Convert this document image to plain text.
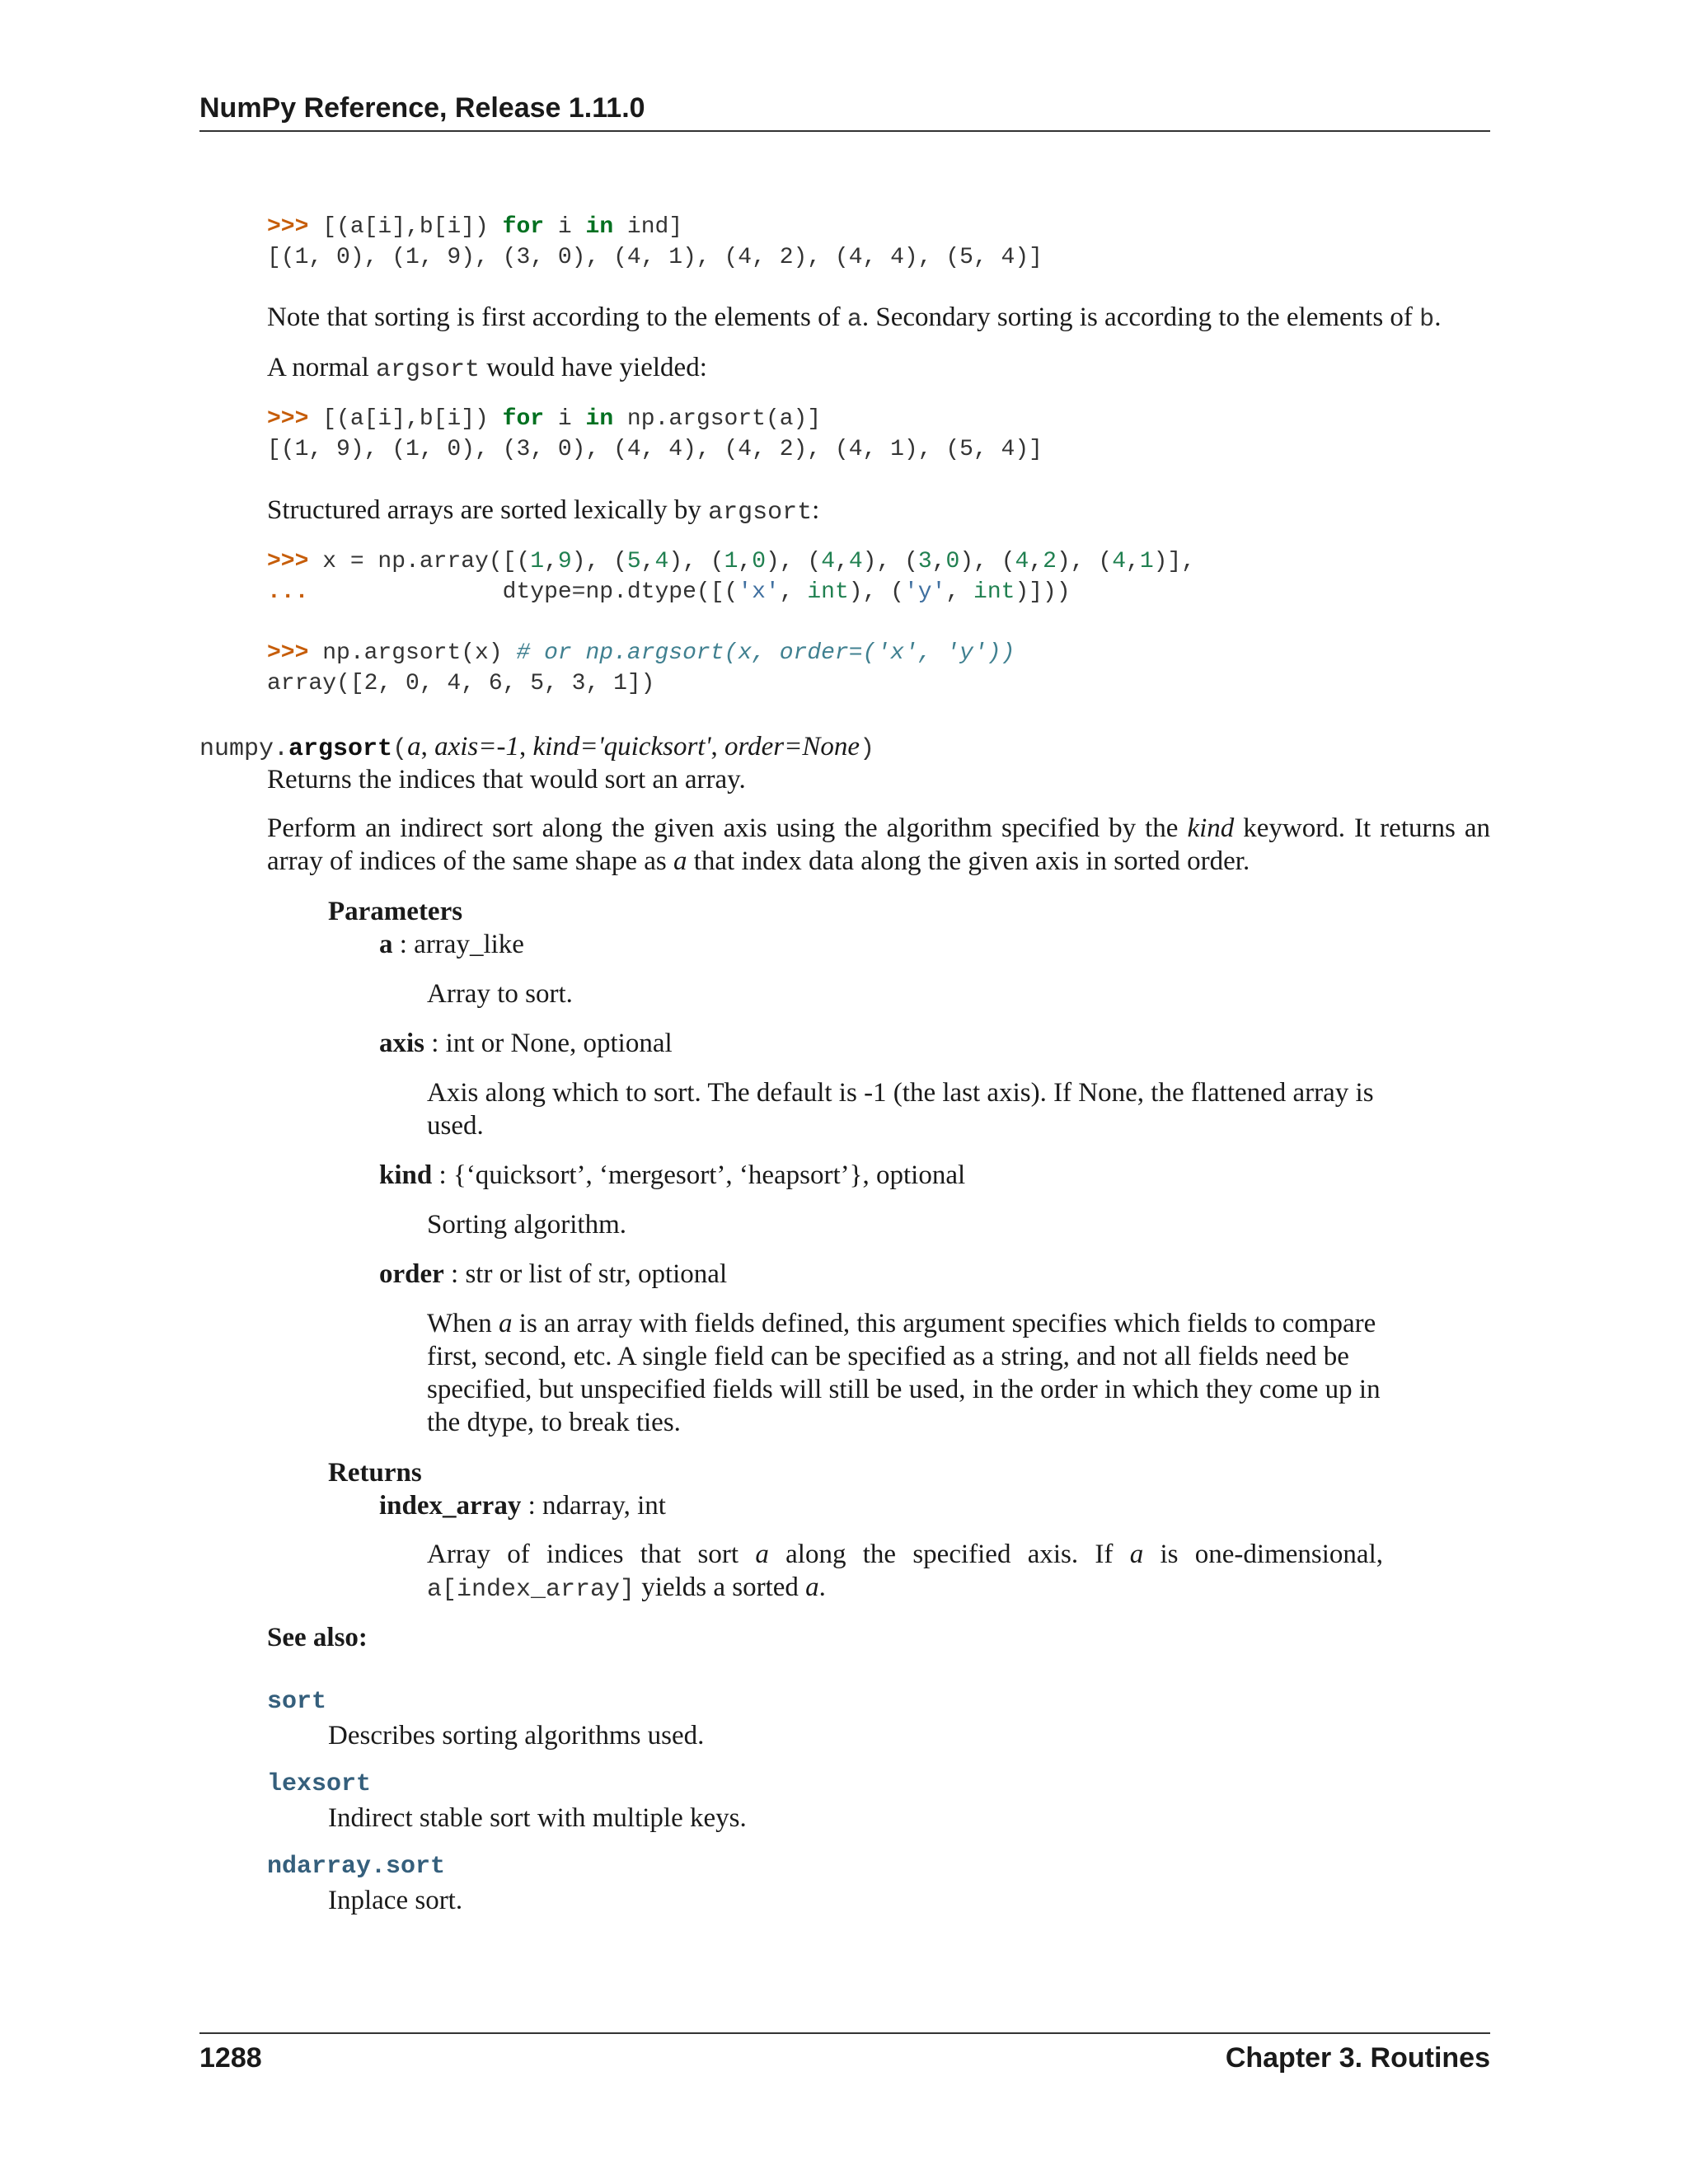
NumPy Reference, Release 1.11.0
>>> [(a[i],b[i]) for i in ind]
[(1, 0), (1, 9), (3, 0), (4, 1), (4, 2), (4, 4), (5, 4)]

Note that sorting is first according to the elements of a. Secondary sorting is according to the elements of b.

A normal argsort would have yielded:

>>> [(a[i],b[i]) for i in np.argsort(a)]
[(1, 9), (1, 0), (3, 0), (4, 4), (4, 2), (4, 1), (5, 4)]

Structured arrays are sorted lexically by argsort:

>>> x = np.array([(1,9), (5,4), (1,0), (4,4), (3,0), (4,2), (4,1)],
...              dtype=np.dtype([('x', int), ('y', int)]))

>>> np.argsort(x) # or np.argsort(x, order=('x', 'y'))
array([2, 0, 4, 6, 5, 3, 1])
numpy.argsort(a, axis=-1, kind='quicksort', order=None)

Returns the indices that would sort an array.

Perform an indirect sort along the given axis using the algorithm specified by the kind keyword. It returns an array of indices of the same shape as a that index data along the given axis in sorted order.

Parameters
a : array_like
Array to sort.
axis : int or None, optional
Axis along which to sort. The default is -1 (the last axis). If None, the flattened array is used.
kind : {‘quicksort’, ‘mergesort’, ‘heapsort’}, optional
Sorting algorithm.
order : str or list of str, optional
When a is an array with fields defined, this argument specifies which fields to compare first, second, etc. A single field can be specified as a string, and not all fields need be specified, but unspecified fields will still be used, in the order in which they come up in the dtype, to break ties.
Returns
index_array : ndarray, int
Array of indices that sort a along the specified axis. If a is one-dimensional, a[index_array] yields a sorted a.
See also:
sort
Describes sorting algorithms used.
lexsort
Indirect stable sort with multiple keys.
ndarray.sort
Inplace sort.
1288	Chapter 3. Routines
